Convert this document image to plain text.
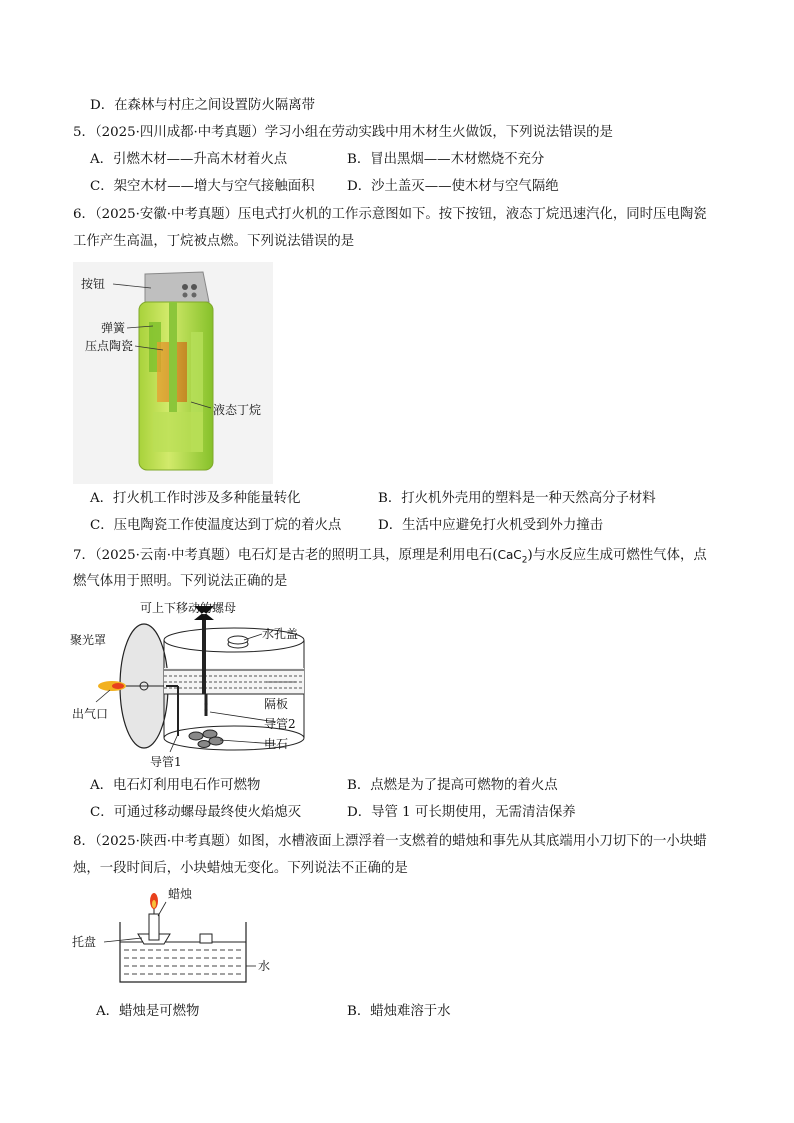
D．在森林与村庄之间设置防火隔离带
5．（2025·四川成都·中考真题）学习小组在劳动实践中用木材生火做饭，下列说法错误的是
A．引燃木材——升高木材着火点	B．冒出黑烟——木材燃烧不充分
C．架空木材——增大与空气接触面积 D．沙土盖灭——使木材与空气隔绝
6．（2025·安徽·中考真题）压电式打火机的工作示意图如下。按下按钮，液态丁烷迅速汽化，同时压电陶瓷
工作产生高温，丁烷被点燃。下列说法错误的是
按钮
弹簧
压点陶瓷
液态丁烷
A．打火机工作时涉及多种能量转化	B．打火机外壳用的塑料是一种天然高分子材料
C．压电陶瓷工作使温度达到丁烷的着火点	D．生活中应避免打火机受到外力撞击
7．（2025·云南·中考真题）电石灯是古老的照明工具，原理是利用电石(CaC$_2$)与水反应生成可燃性气体，点
燃气体用于照明。下列说法正确的是
可上下移动的螺母
聚光罩	水孔盖
出气口
隔板
导管2
电石
导管1
A．电石灯利用电石作可燃物	B．点燃是为了提高可燃物的着火点
C．可通过移动螺母最终使火焰熄灭	D．导管 1 可长期使用，无需清洁保养
8．（2025·陕西·中考真题）如图，水槽液面上漂浮着一支燃着的蜡烛和事先从其底端用小刀切下的一小块蜡
烛，一段时间后，小块蜡烛无变化。下列说法不正确的是
蜡烛
托盘
水
A．蜡烛是可燃物	B．蜡烛难溶于水
